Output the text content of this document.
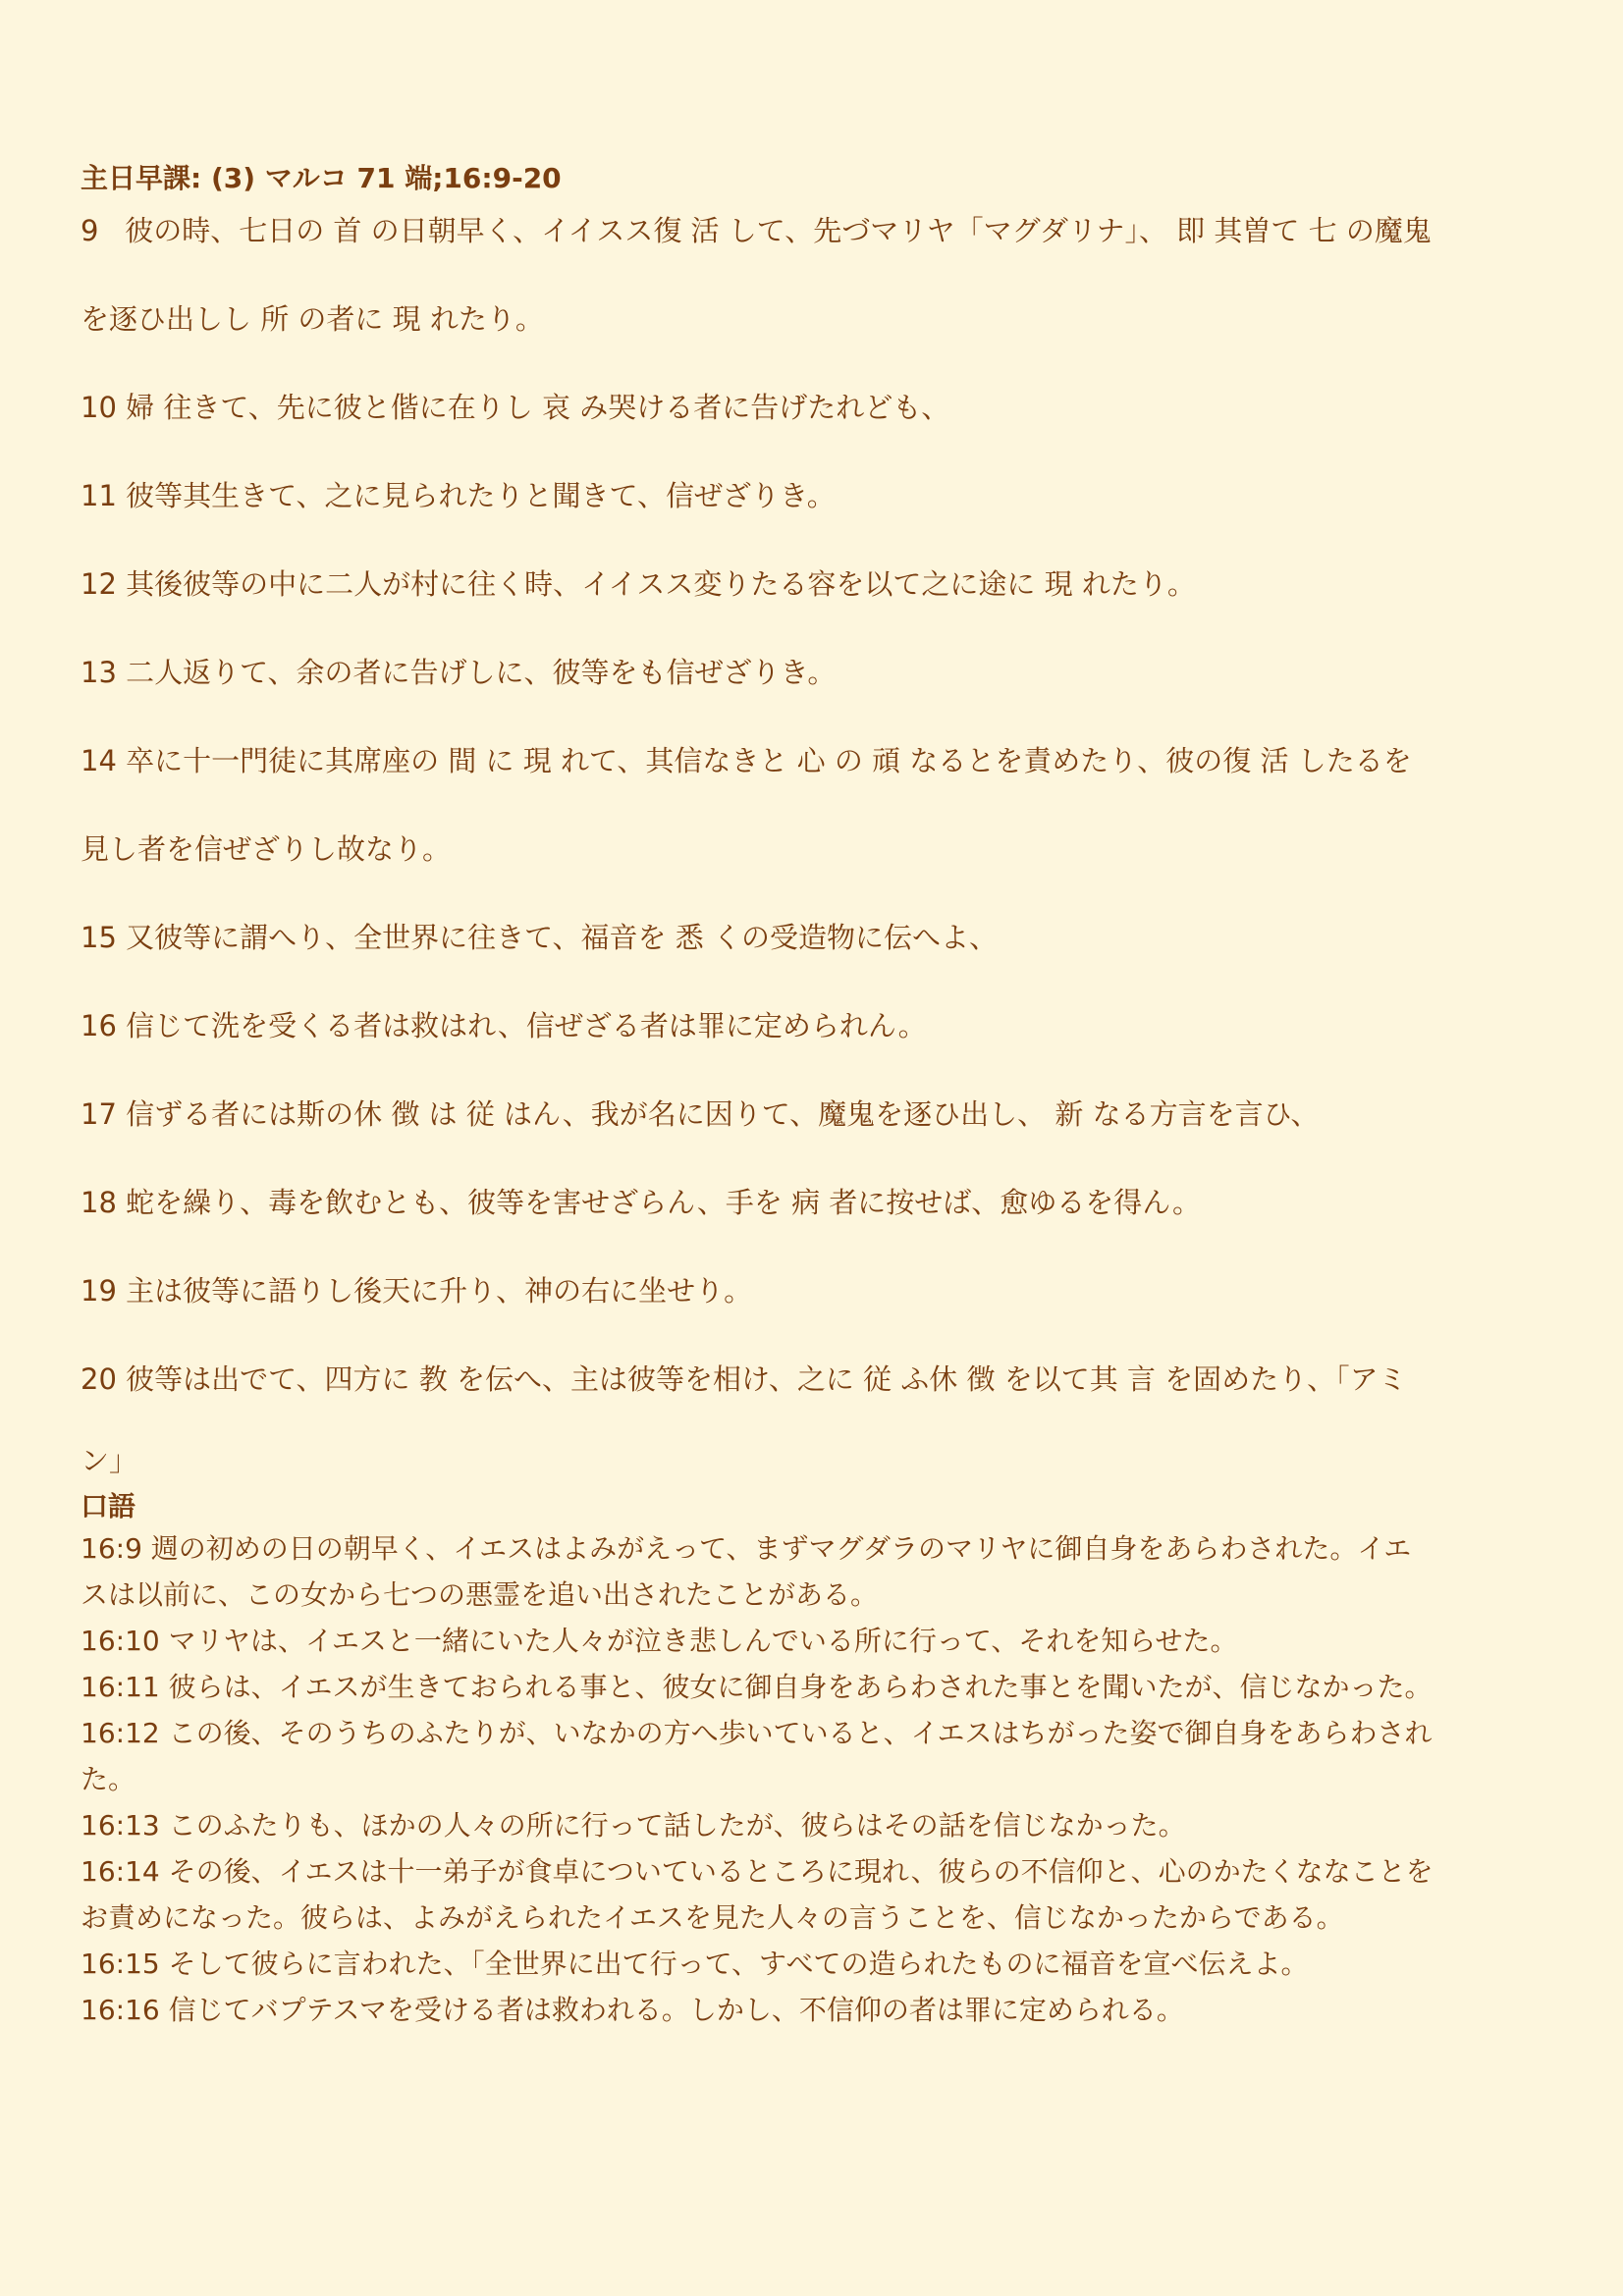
主日早課: (3) マルコ 71 端;16:9-20
9 彼の時、七日の 首 の日朝早く、イイスス復 活 して、先づマリヤ「マグダリナ」、 即 其曽て 七 の魔鬼
を逐ひ出しし 所 の者に 現 れたり。
10 婦 往きて、先に彼と偕に在りし 哀 み哭ける者に告げたれども、
11 彼等其生きて、之に見られたりと聞きて、信ぜざりき。
12 其後彼等の中に二人が村に往く時、イイスス変りたる容を以て之に途に 現 れたり。
13 二人返りて、余の者に告げしに、彼等をも信ぜざりき。
14 卒に十一門徒に其席座の 間 に 現 れて、其信なきと 心 の 頑 なるとを責めたり、彼の復 活 したるを
見し者を信ぜざりし故なり。
15 又彼等に謂へり、全世界に往きて、福音を 悉 くの受造物に伝へよ、
16 信じて洗を受くる者は救はれ、信ぜざる者は罪に定められん。
17 信ずる者には斯の休 徴 は 従 はん、我が名に因りて、魔鬼を逐ひ出し、 新 なる方言を言ひ、
18 蛇を繰り、毒を飲むとも、彼等を害せざらん、手を 病 者に按せば、愈ゆるを得ん。
19 主は彼等に語りし後天に升り、神の右に坐せり。
20 彼等は出でて、四方に 教 を伝へ、主は彼等を相け、之に 従 ふ休 徴 を以て其 言 を固めたり、「アミ
ン」
口語
16:9 週の初めの日の朝早く、イエスはよみがえって、まずマグダラのマリヤに御自身をあらわされた。イエ
スは以前に、この女から七つの悪霊を追い出されたことがある。
16:10 マリヤは、イエスと一緒にいた人々が泣き悲しんでいる所に行って、それを知らせた。
16:11 彼らは、イエスが生きておられる事と、彼女に御自身をあらわされた事とを聞いたが、信じなかった。
16:12 この後、そのうちのふたりが、いなかの方へ歩いていると、イエスはちがった姿で御自身をあらわされ
た。
16:13 このふたりも、ほかの人々の所に行って話したが、彼らはその話を信じなかった。
16:14 その後、イエスは十一弟子が食卓についているところに現れ、彼らの不信仰と、心のかたくななことを
お責めになった。彼らは、よみがえられたイエスを見た人々の言うことを、信じなかったからである。
16:15 そして彼らに言われた、「全世界に出て行って、すべての造られたものに福音を宣べ伝えよ。
16:16 信じてバプテスマを受ける者は救われる。しかし、不信仰の者は罪に定められる。
